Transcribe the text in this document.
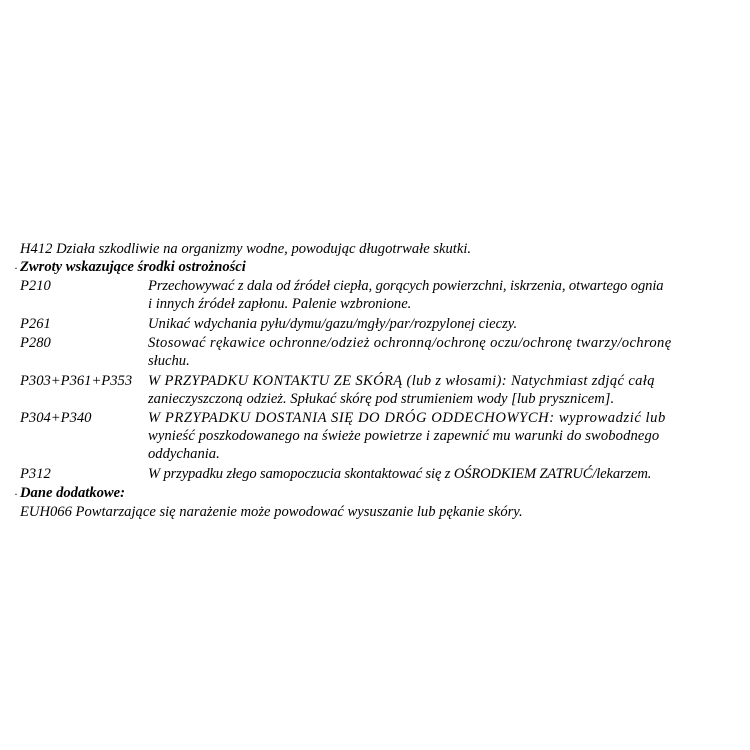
H412 Działa szkodliwie na organizmy wodne, powodując długotrwałe skutki.
· Zwroty wskazujące środki ostrożności
P210	Przechowywać z dala od źródeł ciepła, gorących powierzchni, iskrzenia, otwartego ognia
i innych źródeł zapłonu. Palenie wzbronione.
P261	Unikać wdychania pyłu/dymu/gazu/mgły/par/rozpylonej cieczy.
P280	Stosować rękawice ochronne/odzież ochronną/ochronę oczu/ochronę twarzy/ochronę
słuchu.
P303+P361+P353 W PRZYPADKU KONTAKTU ZE SKÓRĄ (lub z włosami): Natychmiast zdjąć całą
zanieczyszczoną odzież. Spłukać skórę pod strumieniem wody [lub prysznicem].
P304+P340	W PRZYPADKU DOSTANIA SIĘ DO DRÓG ODDECHOWYCH: wyprowadzić lub
wynieść poszkodowanego na świeże powietrze i zapewnić mu warunki do swobodnego
oddychania.
P312	W przypadku złego samopoczucia skontaktować się z OŚRODKIEM ZATRUĆ/lekarzem.
· Dane dodatkowe:
EUH066 Powtarzające się narażenie może powodować wysuszanie lub pękanie skóry.
